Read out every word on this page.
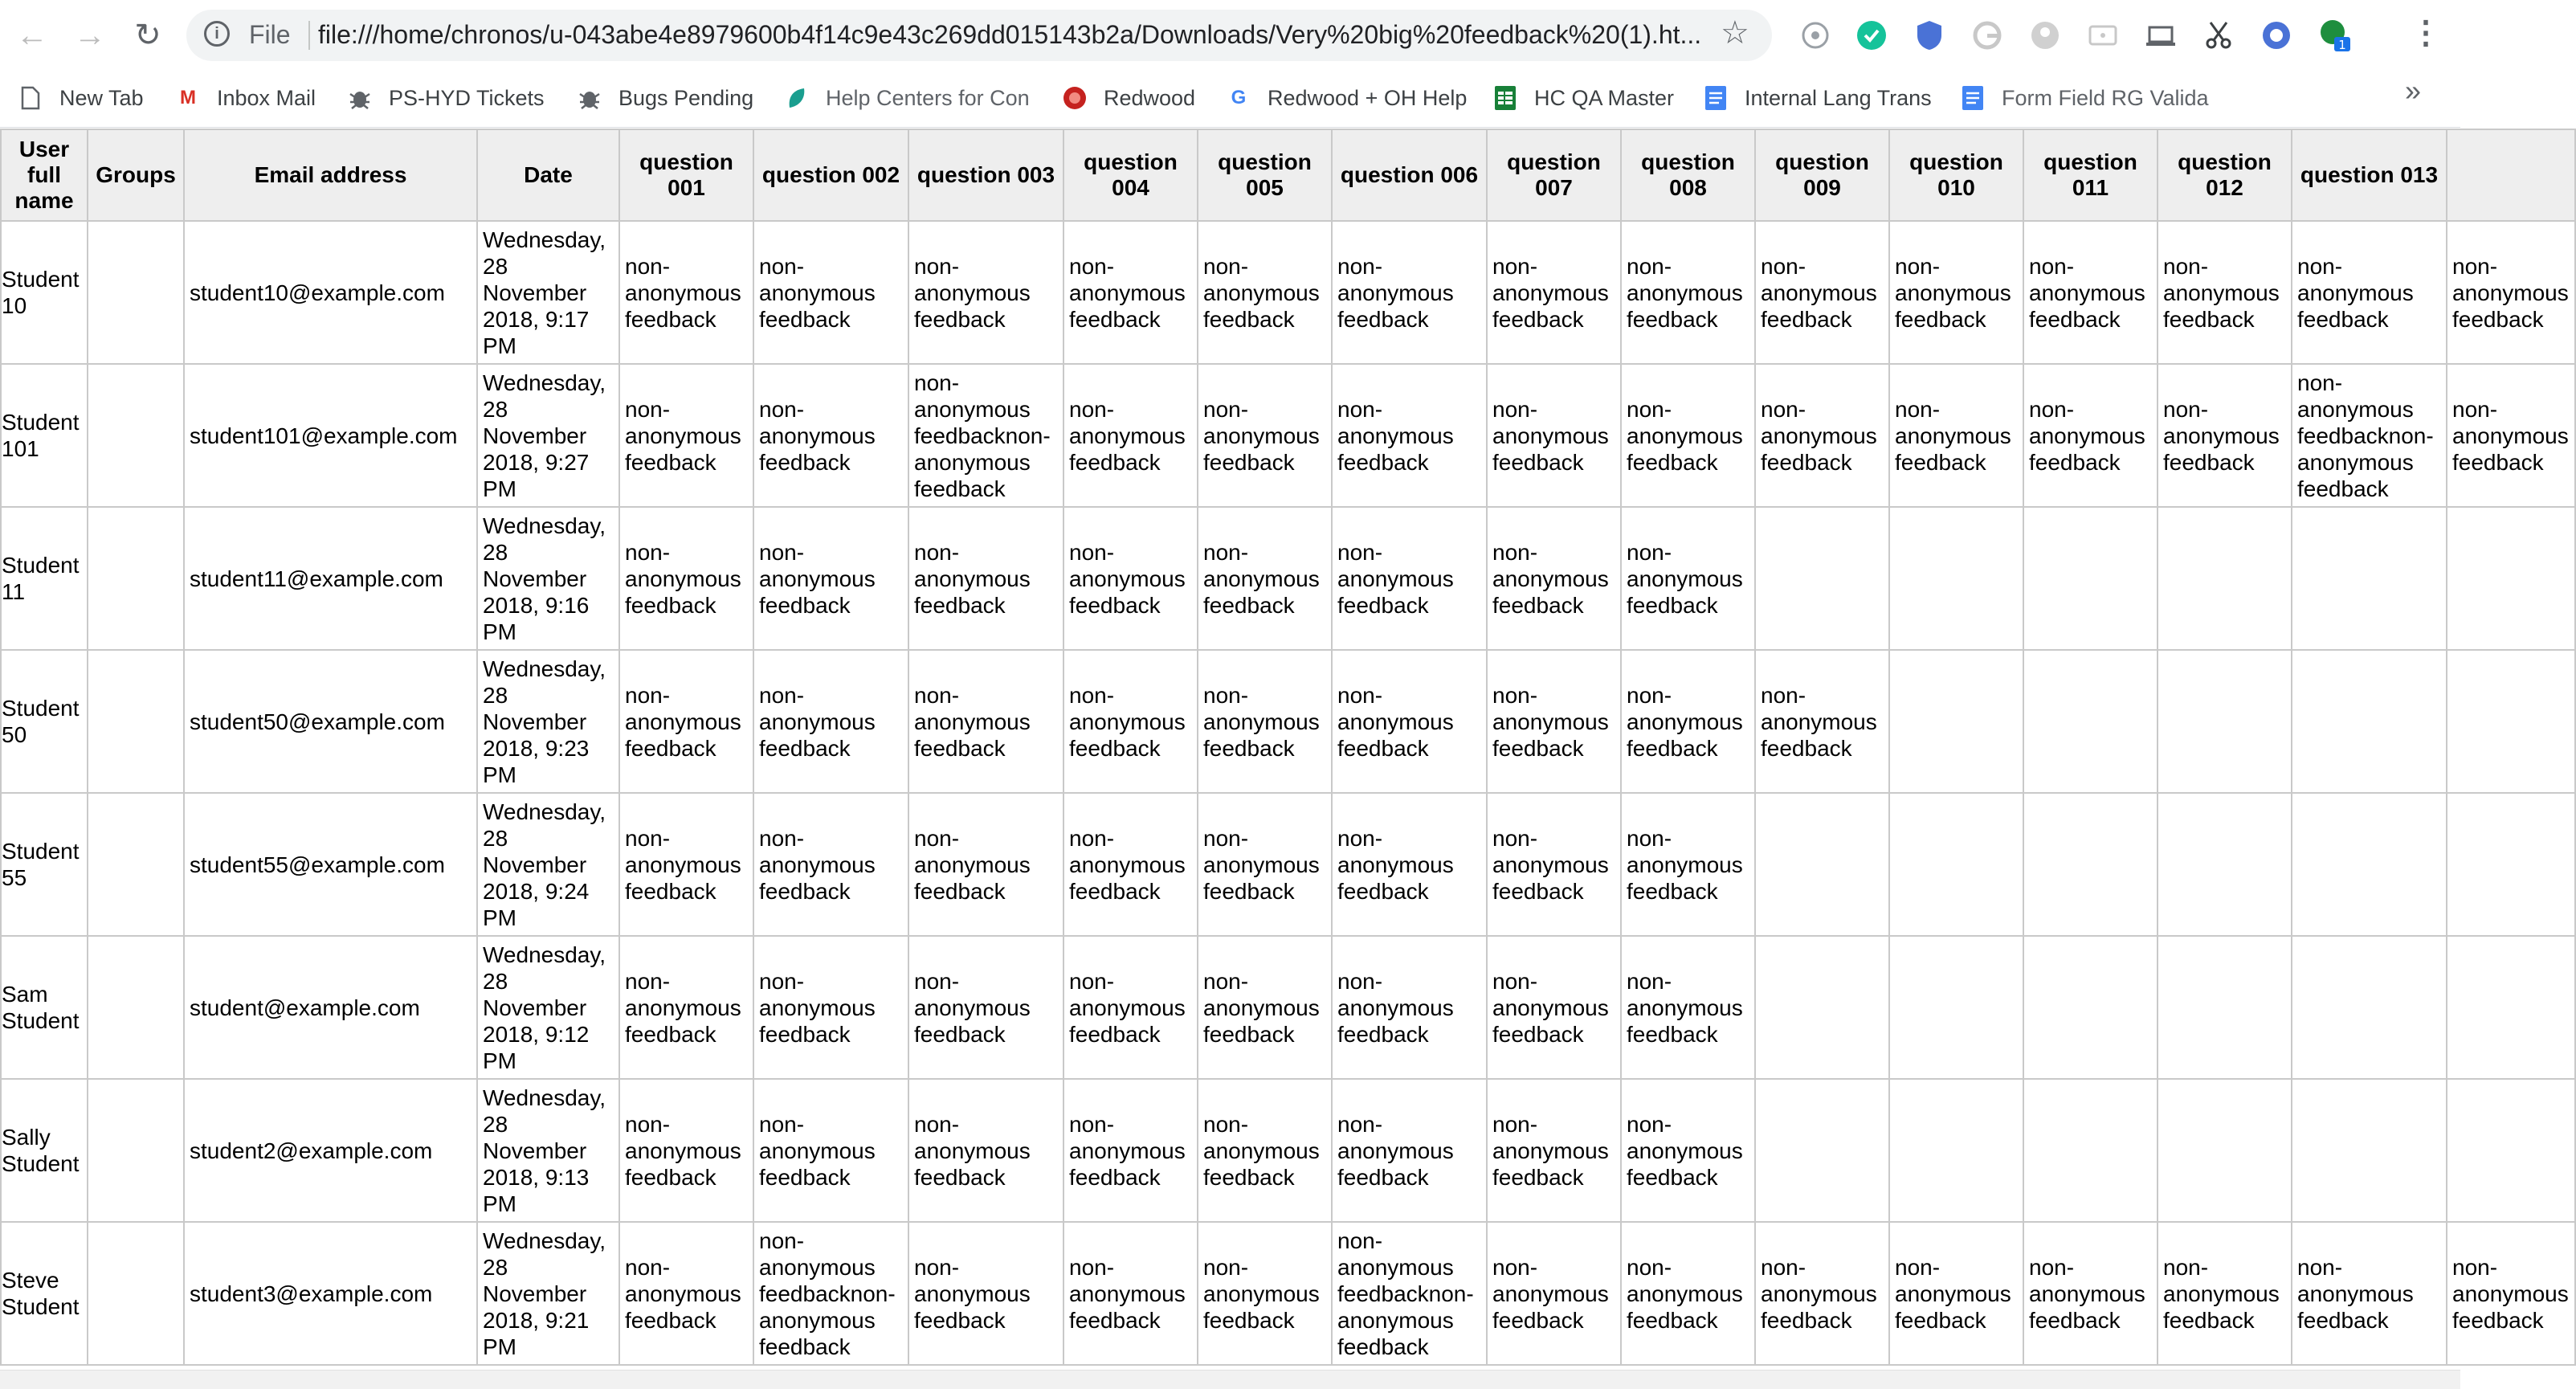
← → ↻	i	File file:///home/chronos/u-043abe4e8979600b4f14c9e43c269dd015143b2a/Downloads/Very%20big%20feedback%20(1).ht... ☆	1 ⋮
New Tab M Inbox Mail	PS-HYD Tickets	Bugs Pending	Help Centers for Con	Redwood G Redwood + OH Help	HC QA Master	Internal Lang Trans	Form Field RG Valida	»
User full name	Groups	Email address	Date	question 001	question 002	question 003	question 004	question 005	question 006	question 007	question 008	question 009	question 010	question 011	question 012	question 013	
Student 10		student10@example.com	Wednesday, 28 November 2018, 9:17 PM	non-anonymous feedback	non-anonymous feedback	non-anonymous feedback	non-anonymous feedback	non-anonymous feedback	non-anonymous feedback	non-anonymous feedback	non-anonymous feedback	non-anonymous feedback	non-anonymous feedback	non-anonymous feedback	non-anonymous feedback	non-anonymous feedback	non-anonymous feedback
Student 101		student101@example.com	Wednesday, 28 November 2018, 9:27 PM	non-anonymous feedback	non-anonymous feedback	non-anonymous feedbacknon-anonymous feedback	non-anonymous feedback	non-anonymous feedback	non-anonymous feedback	non-anonymous feedback	non-anonymous feedback	non-anonymous feedback	non-anonymous feedback	non-anonymous feedback	non-anonymous feedback	non-anonymous feedbacknon-anonymous feedback	non-anonymous feedback
Student 11		student11@example.com	Wednesday, 28 November 2018, 9:16 PM	non-anonymous feedback	non-anonymous feedback	non-anonymous feedback	non-anonymous feedback	non-anonymous feedback	non-anonymous feedback	non-anonymous feedback	non-anonymous feedback						
Student 50		student50@example.com	Wednesday, 28 November 2018, 9:23 PM	non-anonymous feedback	non-anonymous feedback	non-anonymous feedback	non-anonymous feedback	non-anonymous feedback	non-anonymous feedback	non-anonymous feedback	non-anonymous feedback	non-anonymous feedback					
Student 55		student55@example.com	Wednesday, 28 November 2018, 9:24 PM	non-anonymous feedback	non-anonymous feedback	non-anonymous feedback	non-anonymous feedback	non-anonymous feedback	non-anonymous feedback	non-anonymous feedback	non-anonymous feedback						
Sam Student		student@example.com	Wednesday, 28 November 2018, 9:12 PM	non-anonymous feedback	non-anonymous feedback	non-anonymous feedback	non-anonymous feedback	non-anonymous feedback	non-anonymous feedback	non-anonymous feedback	non-anonymous feedback						
Sally Student		student2@example.com	Wednesday, 28 November 2018, 9:13 PM	non-anonymous feedback	non-anonymous feedback	non-anonymous feedback	non-anonymous feedback	non-anonymous feedback	non-anonymous feedback	non-anonymous feedback	non-anonymous feedback						
Steve Student		student3@example.com	Wednesday, 28 November 2018, 9:21 PM	non-anonymous feedback	non-anonymous feedbacknon-anonymous feedback	non-anonymous feedback	non-anonymous feedback	non-anonymous feedback	non-anonymous feedbacknon-anonymous feedback	non-anonymous feedback	non-anonymous feedback	non-anonymous feedback	non-anonymous feedback	non-anonymous feedback	non-anonymous feedback	non-anonymous feedback	non-anonymous feedback
